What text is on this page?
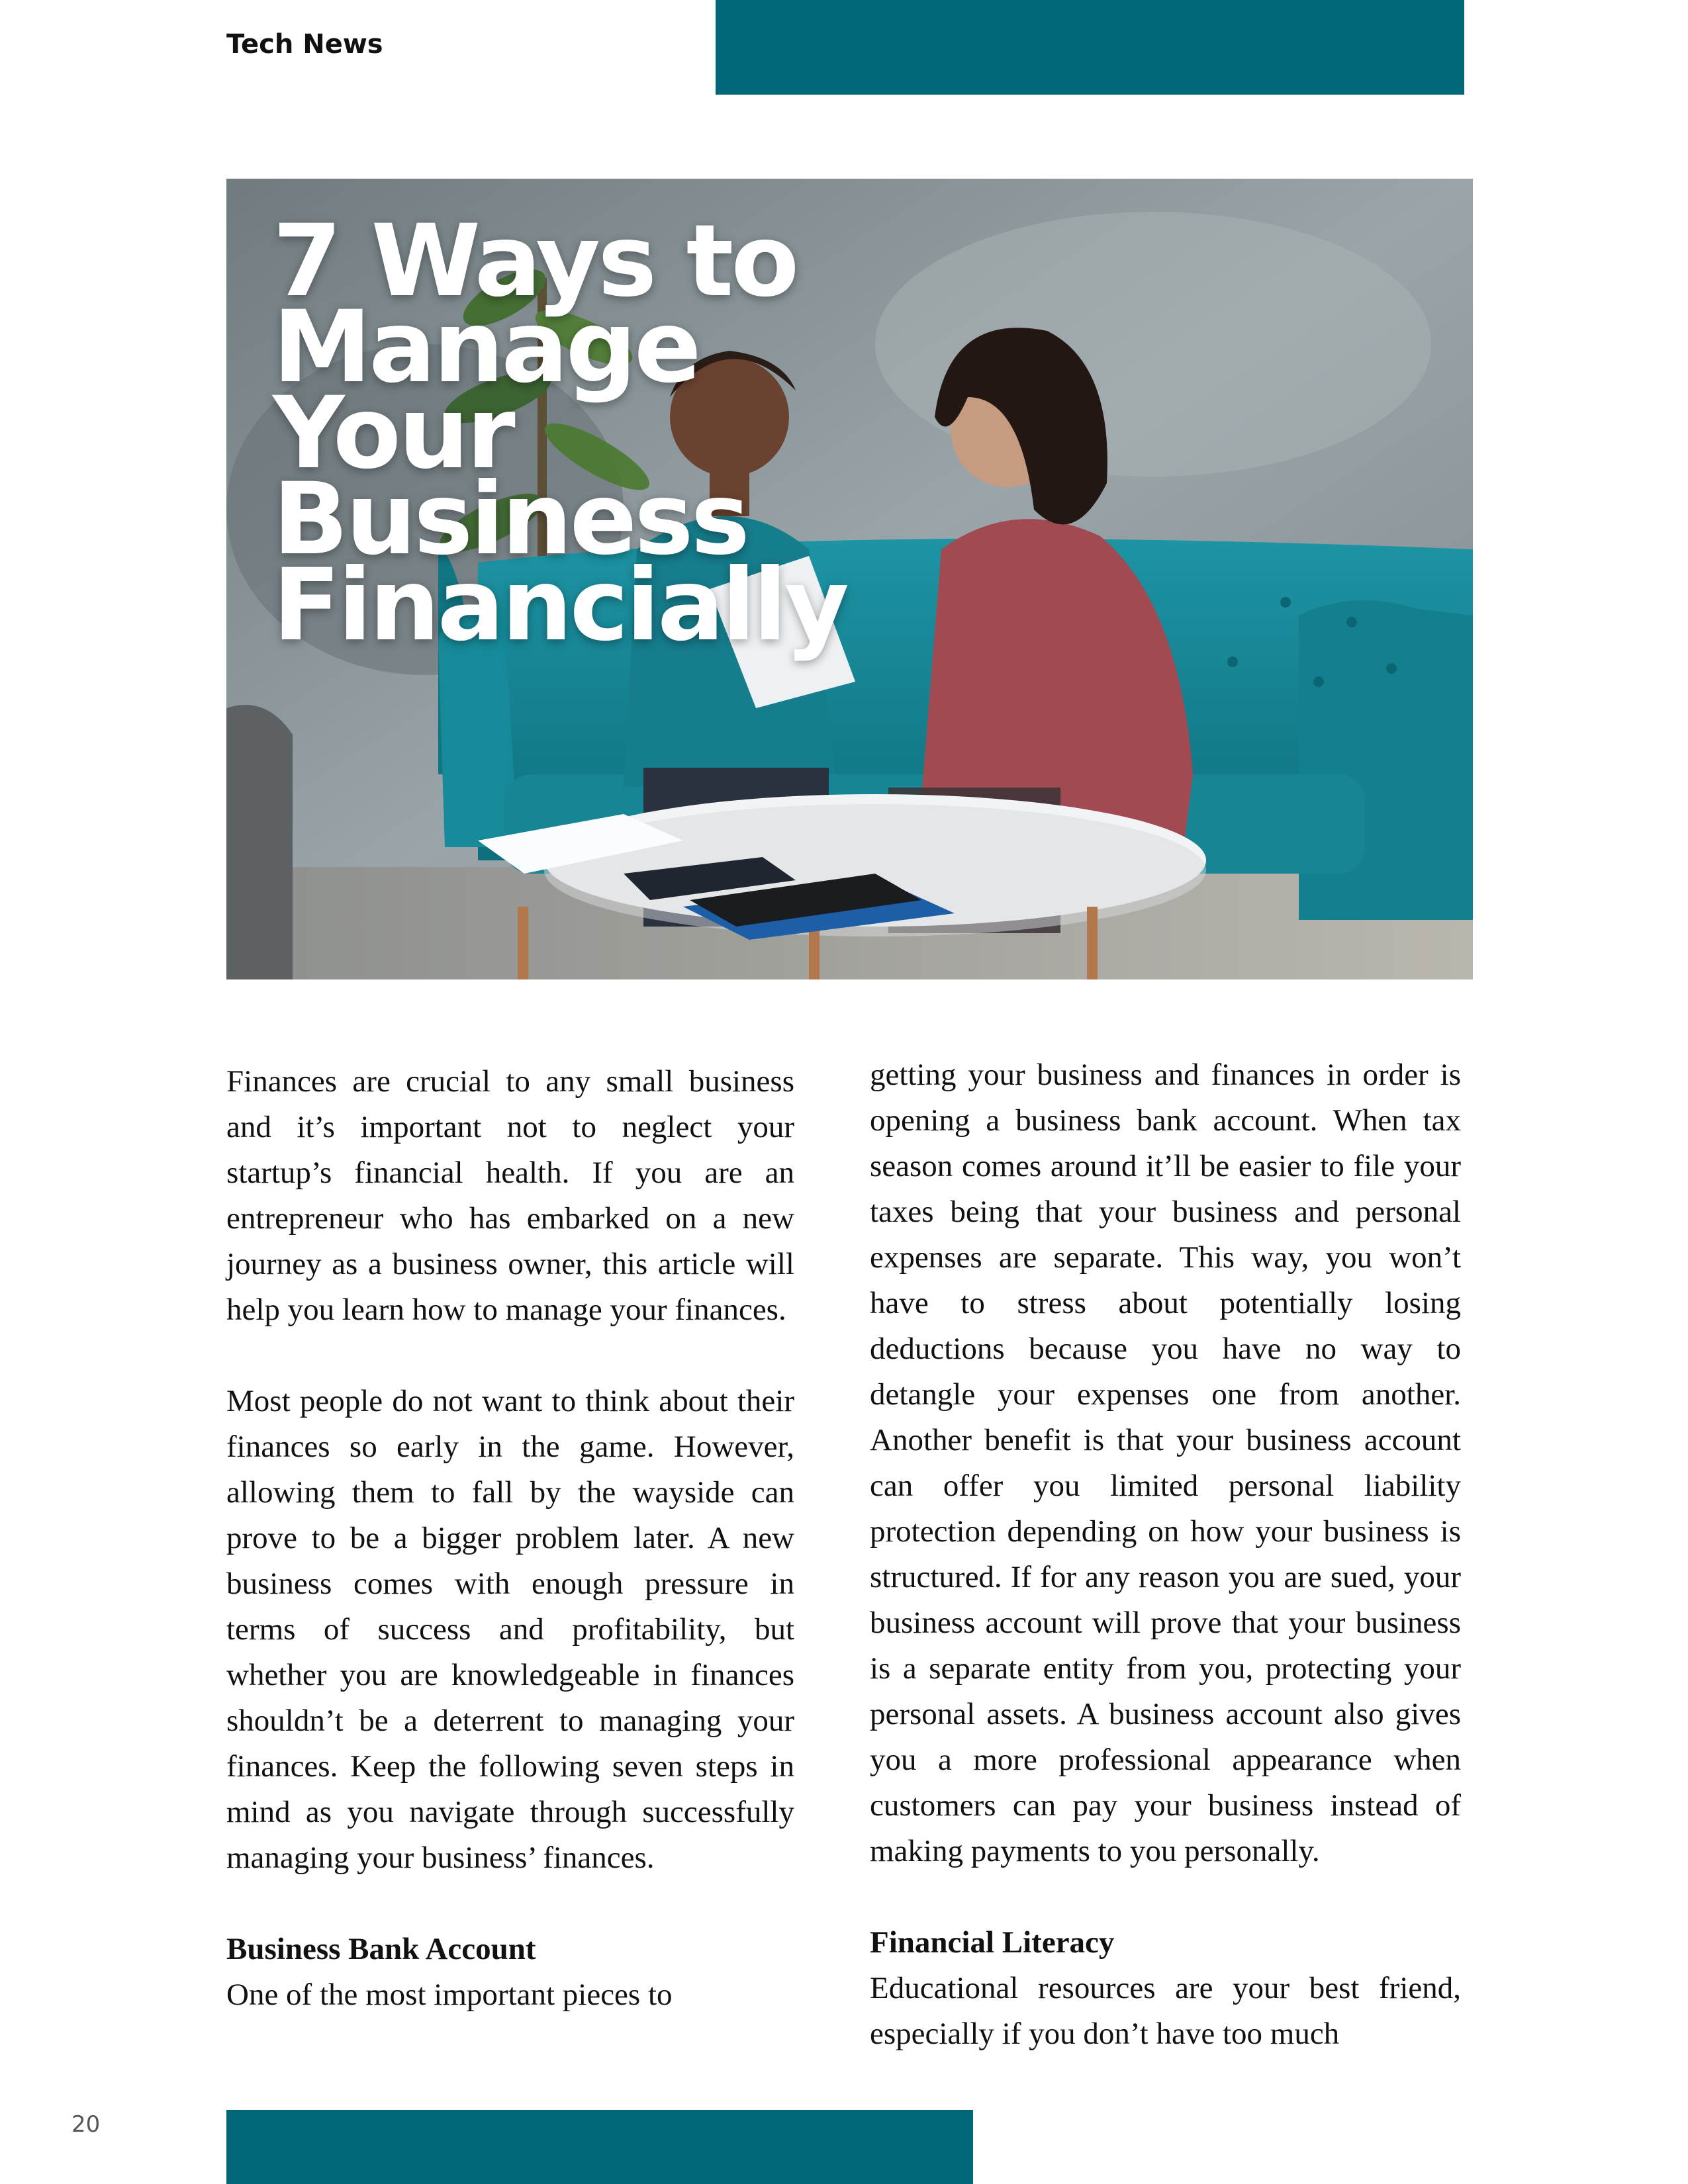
Tech News
7 Ways to
Manage
Your
Business
Financially

Finances are crucial to any small business and it’s important not to neglect your startup’s financial health. If you are an entrepreneur who has embarked on a new journey as a business owner, this article will help you learn how to manage your finances.

Most people do not want to think about their finances so early in the game. However, allowing them to fall by the wayside can prove to be a bigger problem later. A new business comes with enough pressure in terms of success and profitability, but whether you are knowledgeable in finances shouldn’t be a deterrent to managing your finances. Keep the following seven steps in mind as you navigate through successfully managing your business’ finances.

Business Bank Account

One of the most important pieces to

getting your business and finances in order is opening a business bank account. When tax season comes around it’ll be easier to file your taxes being that your business and personal expenses are separate. This way, you won’t have to stress about potentially losing deductions because you have no way to detangle your expenses one from another. Another benefit is that your business account can offer you limited personal liability protection depending on how your business is structured. If for any reason you are sued, your business account will prove that your business is a separate entity from you, protecting your personal assets. A business account also gives you a more professional appearance when customers can pay your business instead of making payments to you personally.

Financial Literacy

Educational resources are your best friend, especially if you don’t have too much

20
